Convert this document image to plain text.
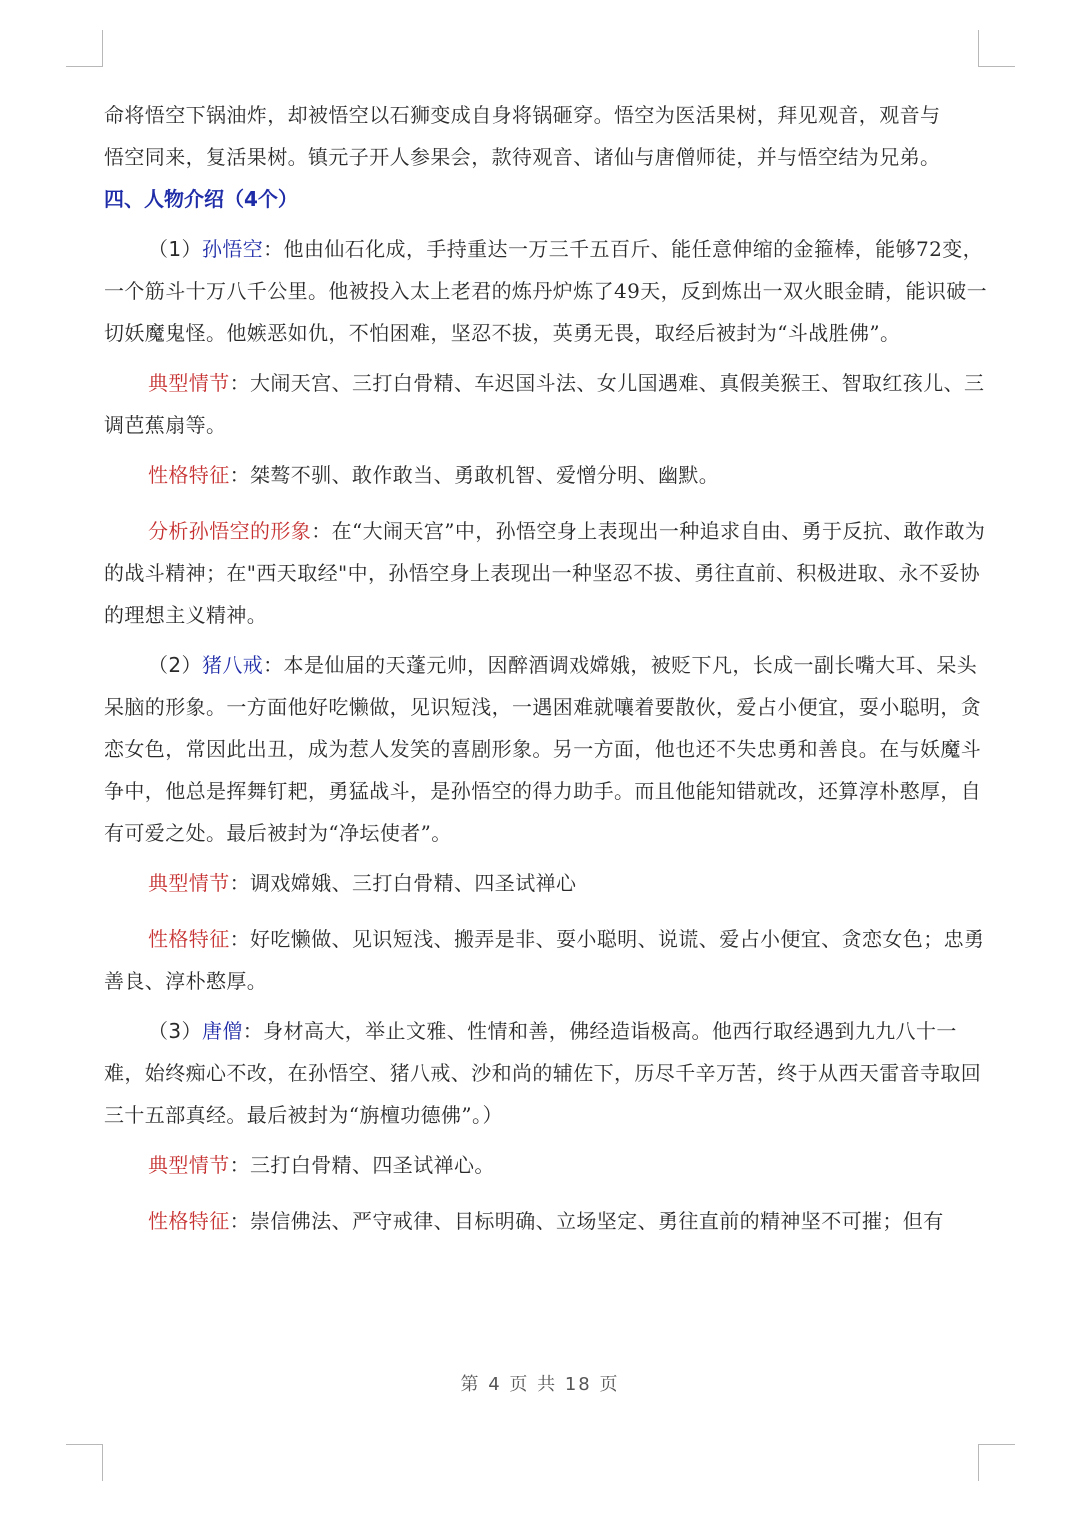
命将悟空下锅油炸，却被悟空以石狮变成自身将锅砸穿。悟空为医活果树，拜见观音，观音与

悟空同来，复活果树。镇元子开人参果会，款待观音、诸仙与唐僧师徒，并与悟空结为兄弟。

四、人物介绍（4个）

（1）孙悟空：他由仙石化成，手持重达一万三千五百斤、能任意伸缩的金箍棒，能够72变，一个筋斗十万八千公里。他被投入太上老君的炼丹炉炼了49天，反到炼出一双火眼金睛，能识破一切妖魔鬼怪。他嫉恶如仇，不怕困难，坚忍不拔，英勇无畏，取经后被封为“斗战胜佛”。

典型情节：大闹天宫、三打白骨精、车迟国斗法、女儿国遇难、真假美猴王、智取红孩儿、三调芭蕉扇等。

性格特征：桀骜不驯、敢作敢当、勇敢机智、爱憎分明、幽默。

分析孙悟空的形象：在“大闹天宫”中，孙悟空身上表现出一种追求自由、勇于反抗、敢作敢为的战斗精神；在"西天取经"中，孙悟空身上表现出一种坚忍不拔、勇往直前、积极进取、永不妥协的理想主义精神。

（2）猪八戒：本是仙届的天蓬元帅，因醉酒调戏嫦娥，被贬下凡，长成一副长嘴大耳、呆头呆脑的形象。一方面他好吃懒做，见识短浅，一遇困难就嚷着要散伙，爱占小便宜，耍小聪明，贪恋女色，常因此出丑，成为惹人发笑的喜剧形象。另一方面，他也还不失忠勇和善良。在与妖魔斗争中，他总是挥舞钉耙，勇猛战斗，是孙悟空的得力助手。而且他能知错就改，还算淳朴憨厚，自有可爱之处。最后被封为“净坛使者”。

典型情节：调戏嫦娥、三打白骨精、四圣试禅心

性格特征：好吃懒做、见识短浅、搬弄是非、耍小聪明、说谎、爱占小便宜、贪恋女色；忠勇善良、淳朴憨厚。

（3）唐僧：身材高大，举止文雅、性情和善，佛经造诣极高。他西行取经遇到九九八十一难，始终痴心不改，在孙悟空、猪八戒、沙和尚的辅佐下，历尽千辛万苦，终于从西天雷音寺取回三十五部真经。最后被封为“旃檀功德佛”。）

典型情节：三打白骨精、四圣试禅心。

性格特征：崇信佛法、严守戒律、目标明确、立场坚定、勇往直前的精神坚不可摧；但有

第 4 页 共 18 页
